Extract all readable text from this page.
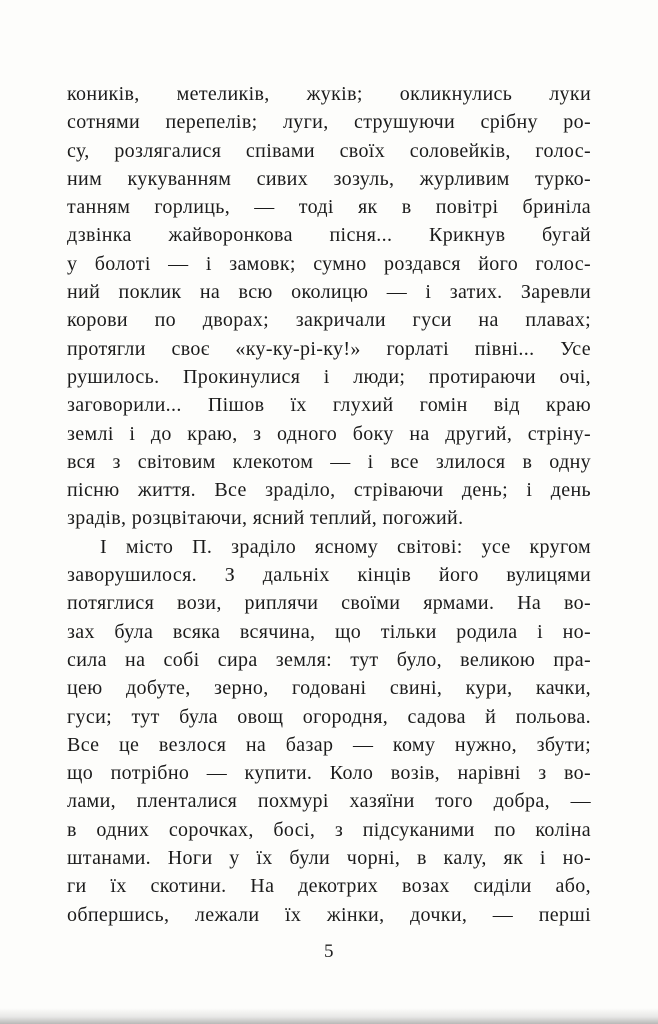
коників, метеликів, жуків; окликнулись луки
сотнями перепелів; луги, струшуючи срібну ро-
су, розлягалися співами своїх соловейків, голос-
ним кукуванням сивих зозуль, журливим турко-
танням горлиць, — тоді як в повітрі бриніла
дзвінка жайворонкова пісня... Крикнув бугай
у болоті — і замовк; сумно роздався його голос-
ний поклик на всю околицю — і затих. Заревли
корови по дворах; закричали гуси на плавах;
протягли своє «ку-ку-рі-ку!» горлаті півні... Усе
рушилось. Прокинулися і люди; протираючи очі,
заговорили... Пішов їх глухий гомін від краю
землі і до краю, з одного боку на другий, стріну-
вся з світовим клекотом — і все злилося в одну
пісню життя. Все зраділо, стріваючи день; і день
зрадів, розцвітаючи, ясний теплий, погожий.
І місто П. зраділо ясному світові: усе кругом
заворушилося. З дальніх кінців його вулицями
потяглися вози, риплячи своїми ярмами. На во-
зах була всяка всячина, що тільки родила і но-
сила на собі сира земля: тут було, великою пра-
цею добуте, зерно, годовані свині, кури, качки,
гуси; тут була овощ огородня, садова й польова.
Все це везлося на базар — кому нужно, збути;
що потрібно — купити. Коло возів, нарівні з во-
лами, пленталися похмурі хазяїни того добра, —
в одних сорочках, босі, з підсуканими по коліна
штанами. Ноги у їх були чорні, в калу, як і но-
ги їх скотини. На декотрих возах сиділи або,
обпершись, лежали їх жінки, дочки, — перші
5
